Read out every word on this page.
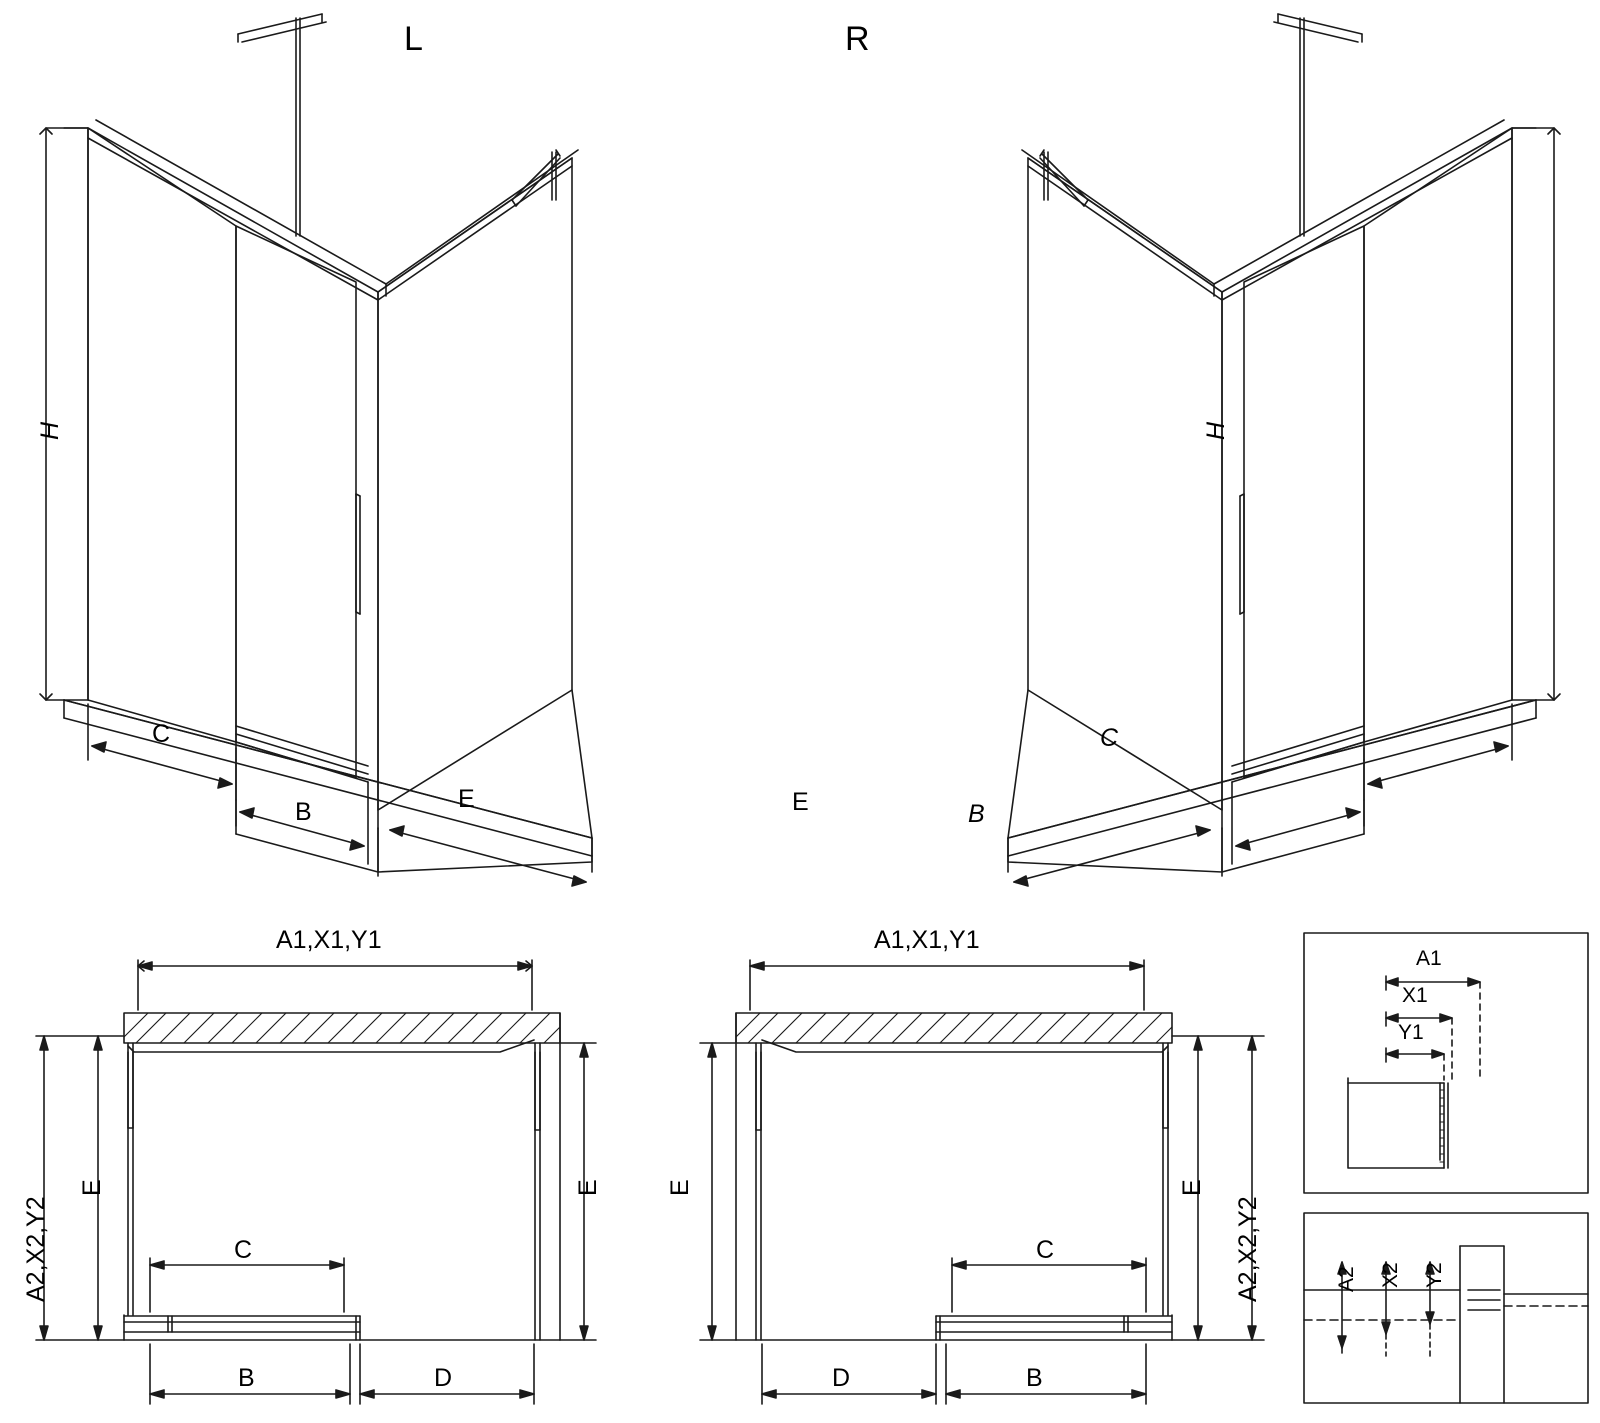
L
H
C
B	E
R
H
C
B
E
A1,X1,Y1
A2,X2,Y2
E	E
C
B	D
A1,X1,Y1
E	E
A2,X2,Y2
C
D	B
A1
X1
Y1
A2 X2 Y2
